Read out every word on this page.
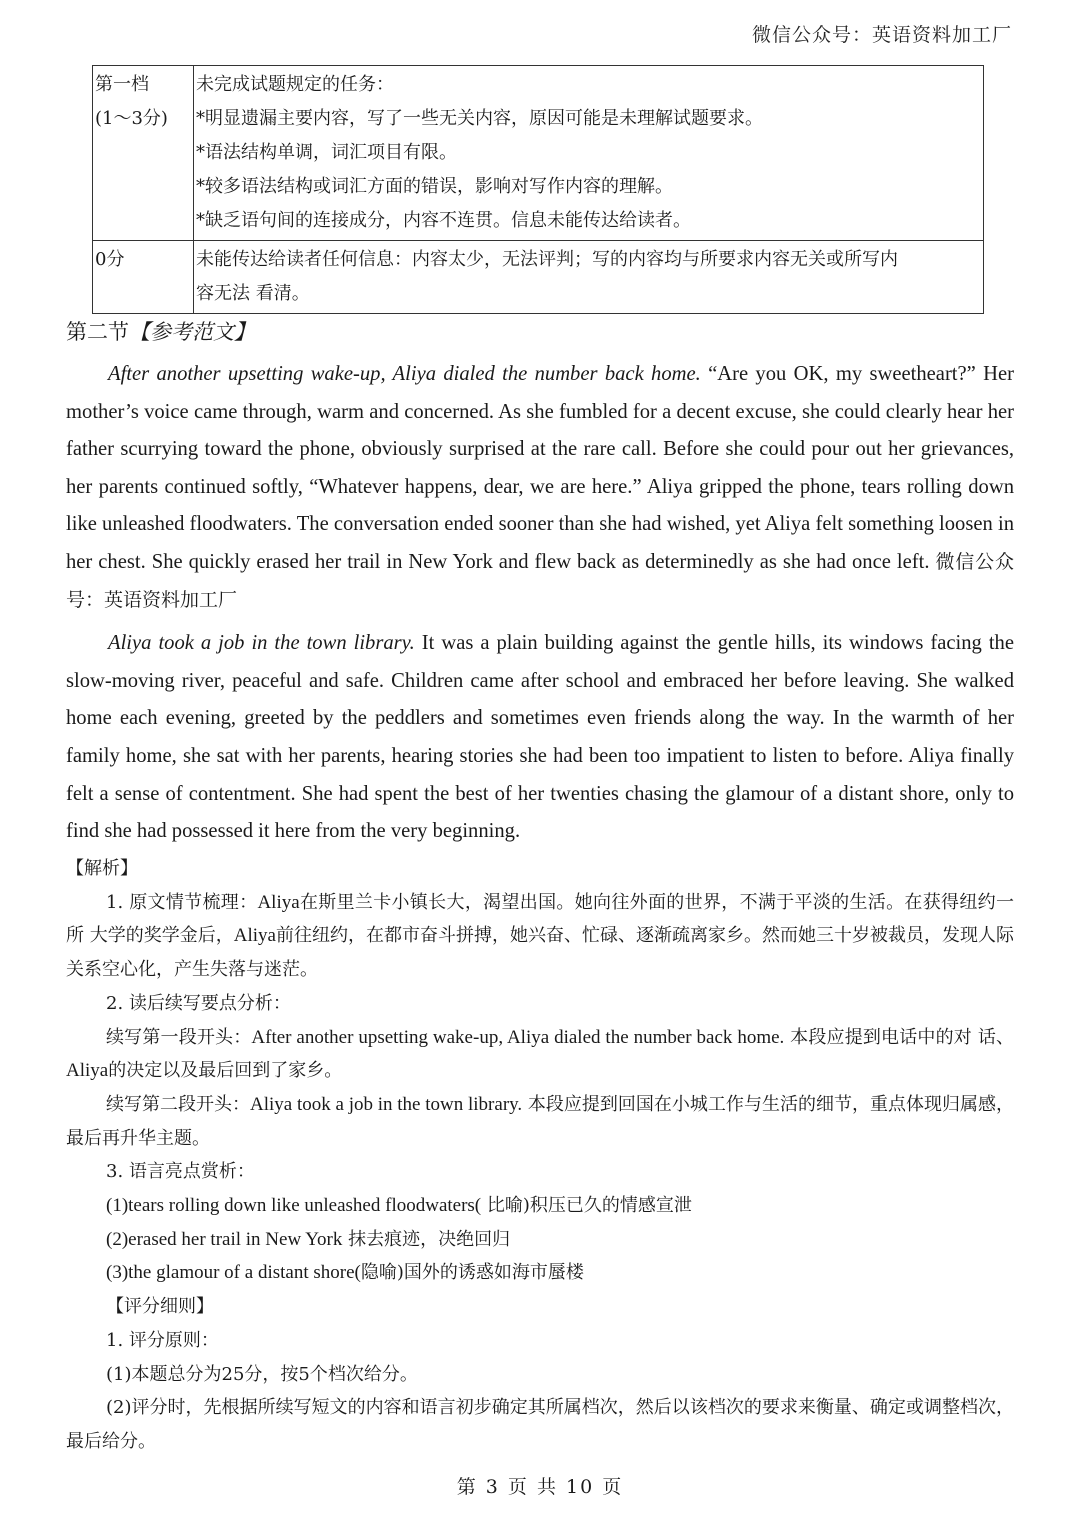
微信公众号：英语资料加工厂
第一档
(1～3分)	未完成试题规定的任务：
*明显遗漏主要内容，写了一些无关内容，原因可能是未理解试题要求。
*语法结构单调，词汇项目有限。
*较多语法结构或词汇方面的错误，影响对写作内容的理解。
*缺乏语句间的连接成分，内容不连贯。信息未能传达给读者。

0分	未能传达给读者任何信息：内容太少，无法评判；写的内容均与所要求内容无关或所写内
容无法 看清。
第二节【参考范文】

After another upsetting wake-up, Aliya dialed the number back home. “Are you OK, my sweetheart?” Her mother’s voice came through, warm and concerned. As she fumbled for a decent excuse, she could clearly hear her father scurrying toward the phone, obviously surprised at the rare call. Before she could pour out her grievances, her parents continued softly, “Whatever happens, dear, we are here.” Aliya gripped the phone, tears rolling down like unleashed floodwaters. The conversation ended sooner than she had wished, yet Aliya felt something loosen in her chest. She quickly erased her trail in New York and flew back as determinedly as she had once left. 微信公众号：英语资料加工厂

Aliya took a job in the town library. It was a plain building against the gentle hills, its windows facing the slow-moving river, peaceful and safe. Children came after school and embraced her before leaving. She walked home each evening, greeted by the peddlers and sometimes even friends along the way. In the warmth of her family home, she sat with her parents, hearing stories she had been too impatient to listen to before. Aliya finally felt a sense of contentment. She had spent the best of her twenties chasing the glamour of a distant shore, only to find she had possessed it here from the very beginning.

【解析】
1. 原文情节梳理：Aliya在斯里兰卡小镇长大，渴望出国。她向往外面的世界，不满于平淡的生活。在获得纽约一所 大学的奖学金后，Aliya前往纽约，在都市奋斗拼搏，她兴奋、忙碌、逐渐疏离家乡。然而她三十岁被裁员，发现人际关系空心化，产生失落与迷茫。
2. 读后续写要点分析：
续写第一段开头：After another upsetting wake-up, Aliya dialed the number back home. 本段应提到电话中的对 话、Aliya的决定以及最后回到了家乡。
续写第二段开头：Aliya took a job in the town library. 本段应提到回国在小城工作与生活的细节，重点体现归属感， 最后再升华主题。
3. 语言亮点赏析：
(1)tears rolling down like unleashed floodwaters( 比喻)积压已久的情感宣泄
(2)erased her trail in New York 抹去痕迹，决绝回归
(3)the glamour of a distant shore(隐喻)国外的诱惑如海市蜃楼
【评分细则】
1. 评分原则：
(1)本题总分为25分，按5个档次给分。
(2)评分时，先根据所续写短文的内容和语言初步确定其所属档次，然后以该档次的要求来衡量、确定或调整档次， 最后给分。
第 3 页 共 10 页
